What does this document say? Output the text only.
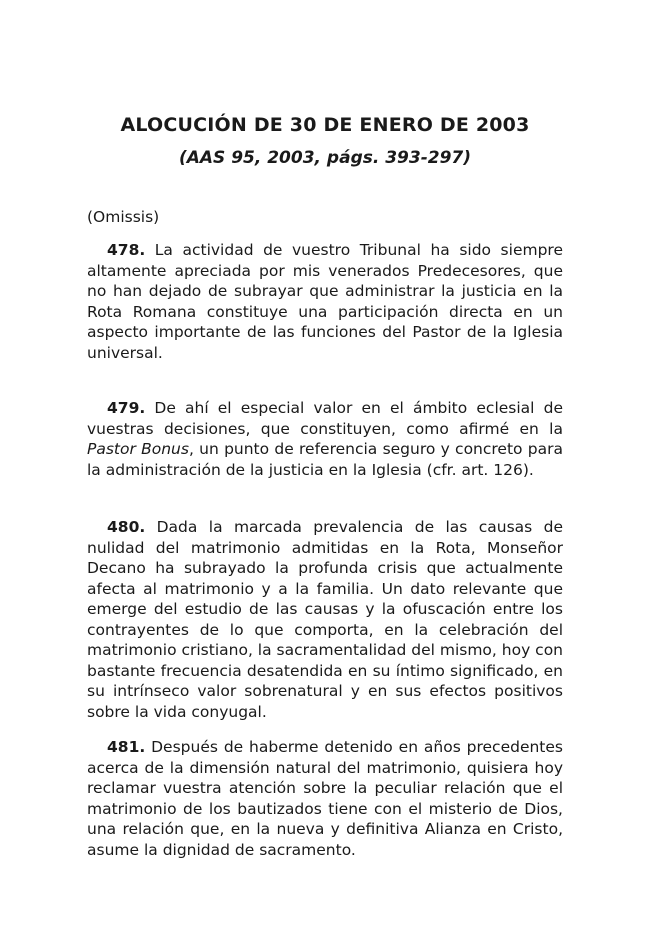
ALOCUCIÓN DE 30 DE ENERO DE 2003
(AAS 95, 2003, págs. 393-297)

(Omissis)

478. La actividad de vuestro Tribunal ha sido siempre altamente apreciada por mis venerados Predecesores, que no han dejado de subrayar que administrar la justicia en la Rota Romana constituye una participación directa en un aspecto importante de las funciones del Pastor de la Iglesia universal.

479. De ahí el especial valor en el ámbito eclesial de vuestras decisiones, que constituyen, como afirmé en la Pastor Bonus, un punto de referencia seguro y concreto para la administración de la justicia en la Iglesia (cfr. art. 126).

480. Dada la marcada prevalencia de las causas de nulidad del matrimonio admitidas en la Rota, Monseñor Decano ha subrayado la profunda crisis que actualmente afecta al matrimonio y a la familia. Un dato relevante que emerge del estudio de las causas y la ofuscación entre los contrayentes de lo que comporta, en la celebración del matrimonio cristiano, la sacramentalidad del mismo, hoy con bastante frecuencia desatendida en su íntimo significado, en su intrínseco valor sobrenatural y en sus efectos positivos sobre la vida conyugal.

481. Después de haberme detenido en años precedentes acerca de la dimensión natural del matrimonio, quisiera hoy reclamar vuestra atención sobre la peculiar relación que el matrimonio de los bautizados tiene con el misterio de Dios, una relación que, en la nueva y definitiva Alianza en Cristo, asume la dignidad de sacramento.
